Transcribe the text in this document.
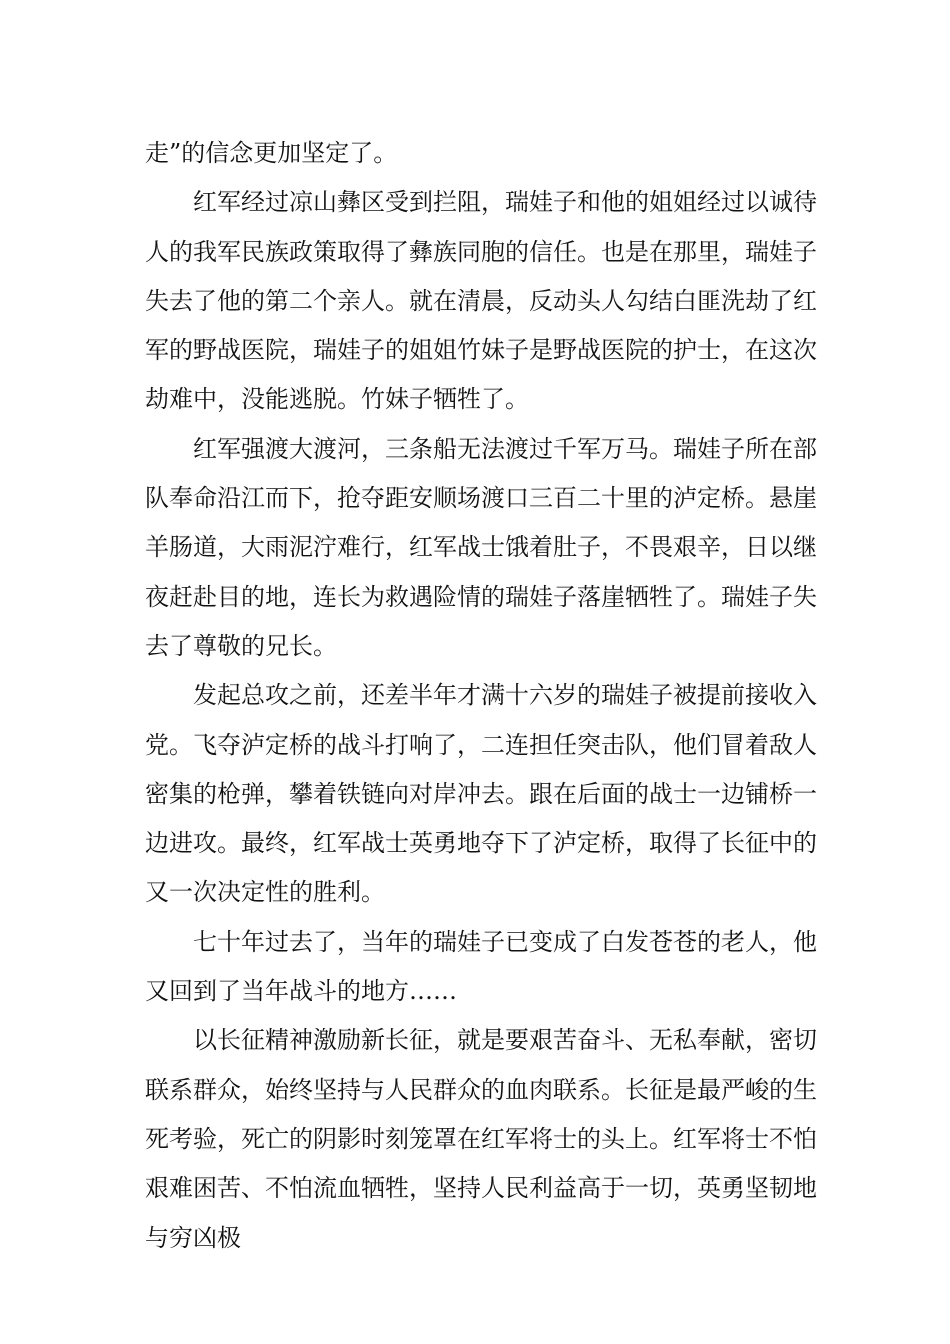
走”的信念更加坚定了。

红军经过凉山彝区受到拦阻，瑞娃子和他的姐姐经过以诚待人的我军民族政策取得了彝族同胞的信任。也是在那里，瑞娃子失去了他的第二个亲人。就在清晨，反动头人勾结白匪洗劫了红军的野战医院，瑞娃子的姐姐竹妹子是野战医院的护士，在这次劫难中，没能逃脱。竹妹子牺牲了。

红军强渡大渡河，三条船无法渡过千军万马。瑞娃子所在部队奉命沿江而下，抢夺距安顺场渡口三百二十里的泸定桥。悬崖羊肠道，大雨泥泞难行，红军战士饿着肚子，不畏艰辛，日以继夜赶赴目的地，连长为救遇险情的瑞娃子落崖牺牲了。瑞娃子失去了尊敬的兄长。

发起总攻之前，还差半年才满十六岁的瑞娃子被提前接收入党。飞夺泸定桥的战斗打响了，二连担任突击队，他们冒着敌人密集的枪弹，攀着铁链向对岸冲去。跟在后面的战士一边铺桥一边进攻。最终，红军战士英勇地夺下了泸定桥，取得了长征中的又一次决定性的胜利。

七十年过去了，当年的瑞娃子已变成了白发苍苍的老人，他又回到了当年战斗的地方……

以长征精神激励新长征，就是要艰苦奋斗、无私奉献，密切联系群众，始终坚持与人民群众的血肉联系。长征是最严峻的生死考验，死亡的阴影时刻笼罩在红军将士的头上。红军将士不怕艰难困苦、不怕流血牺牲，坚持人民利益高于一切，英勇坚韧地与穷凶极
